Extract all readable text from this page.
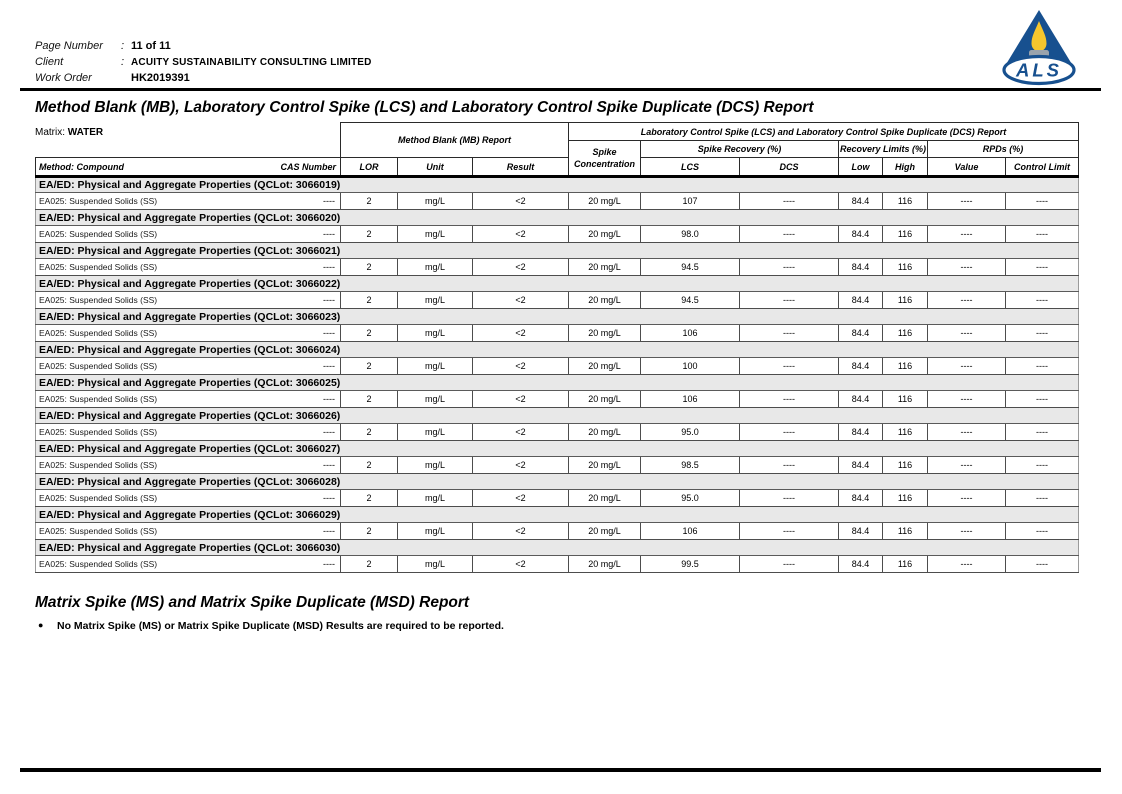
Page Number : 11 of 11
Client	: ACUITY SUSTAINABILITY CONSULTING LIMITED
Work Order	HK2019391	ALS
Method Blank (MB), Laboratory Control Spike (LCS) and Laboratory Control Spike Duplicate (DCS) Report
		Method Blank (MB) Report			Laboratory Control Spike (LCS) and Laboratory Control Spike Duplicate (DCS) Report						

					Spike
Concentration	Spike Recovery (%)		Recovery Limits (%)		RPDs (%)	
Method: Compound	CAS Number	LOR	Unit	Result		LCS	DCS	Low	High	Value	Control Limit
EA/ED: Physical and Aggregate Properties (QCLot: 3066019)											
EA025: Suspended Solids (SS)	----	2	mg/L	<2	20 mg/L	107	----	84.4	116	----	----
EA/ED: Physical and Aggregate Properties (QCLot: 3066020)											
EA025: Suspended Solids (SS)	----	2	mg/L	<2	20 mg/L	98.0	----	84.4	116	----	----
EA/ED: Physical and Aggregate Properties (QCLot: 3066021)											
EA025: Suspended Solids (SS)	----	2	mg/L	<2	20 mg/L	94.5	----	84.4	116	----	----
EA/ED: Physical and Aggregate Properties (QCLot: 3066022)											
EA025: Suspended Solids (SS)	----	2	mg/L	<2	20 mg/L	94.5	----	84.4	116	----	----
EA/ED: Physical and Aggregate Properties (QCLot: 3066023)											
EA025: Suspended Solids (SS)	----	2	mg/L	<2	20 mg/L	106	----	84.4	116	----	----
EA/ED: Physical and Aggregate Properties (QCLot: 3066024)											
EA025: Suspended Solids (SS)	----	2	mg/L	<2	20 mg/L	100	----	84.4	116	----	----
EA/ED: Physical and Aggregate Properties (QCLot: 3066025)											
EA025: Suspended Solids (SS)	----	2	mg/L	<2	20 mg/L	106	----	84.4	116	----	----
EA/ED: Physical and Aggregate Properties (QCLot: 3066026)											
EA025: Suspended Solids (SS)	----	2	mg/L	<2	20 mg/L	95.0	----	84.4	116	----	----
EA/ED: Physical and Aggregate Properties (QCLot: 3066027)											
EA025: Suspended Solids (SS)	----	2	mg/L	<2	20 mg/L	98.5	----	84.4	116	----	----
EA/ED: Physical and Aggregate Properties (QCLot: 3066028)											
EA025: Suspended Solids (SS)	----	2	mg/L	<2	20 mg/L	95.0	----	84.4	116	----	----
EA/ED: Physical and Aggregate Properties (QCLot: 3066029)											
EA025: Suspended Solids (SS)	----	2	mg/L	<2	20 mg/L	106	----	84.4	116	----	----
EA/ED: Physical and Aggregate Properties (QCLot: 3066030)											
EA025: Suspended Solids (SS)	----	2	mg/L	<2	20 mg/L	99.5	----	84.4	116	----	----
Matrix: WATER
Matrix Spike (MS) and Matrix Spike Duplicate (MSD) Report
● No Matrix Spike (MS) or Matrix Spike Duplicate (MSD) Results are required to be reported.
